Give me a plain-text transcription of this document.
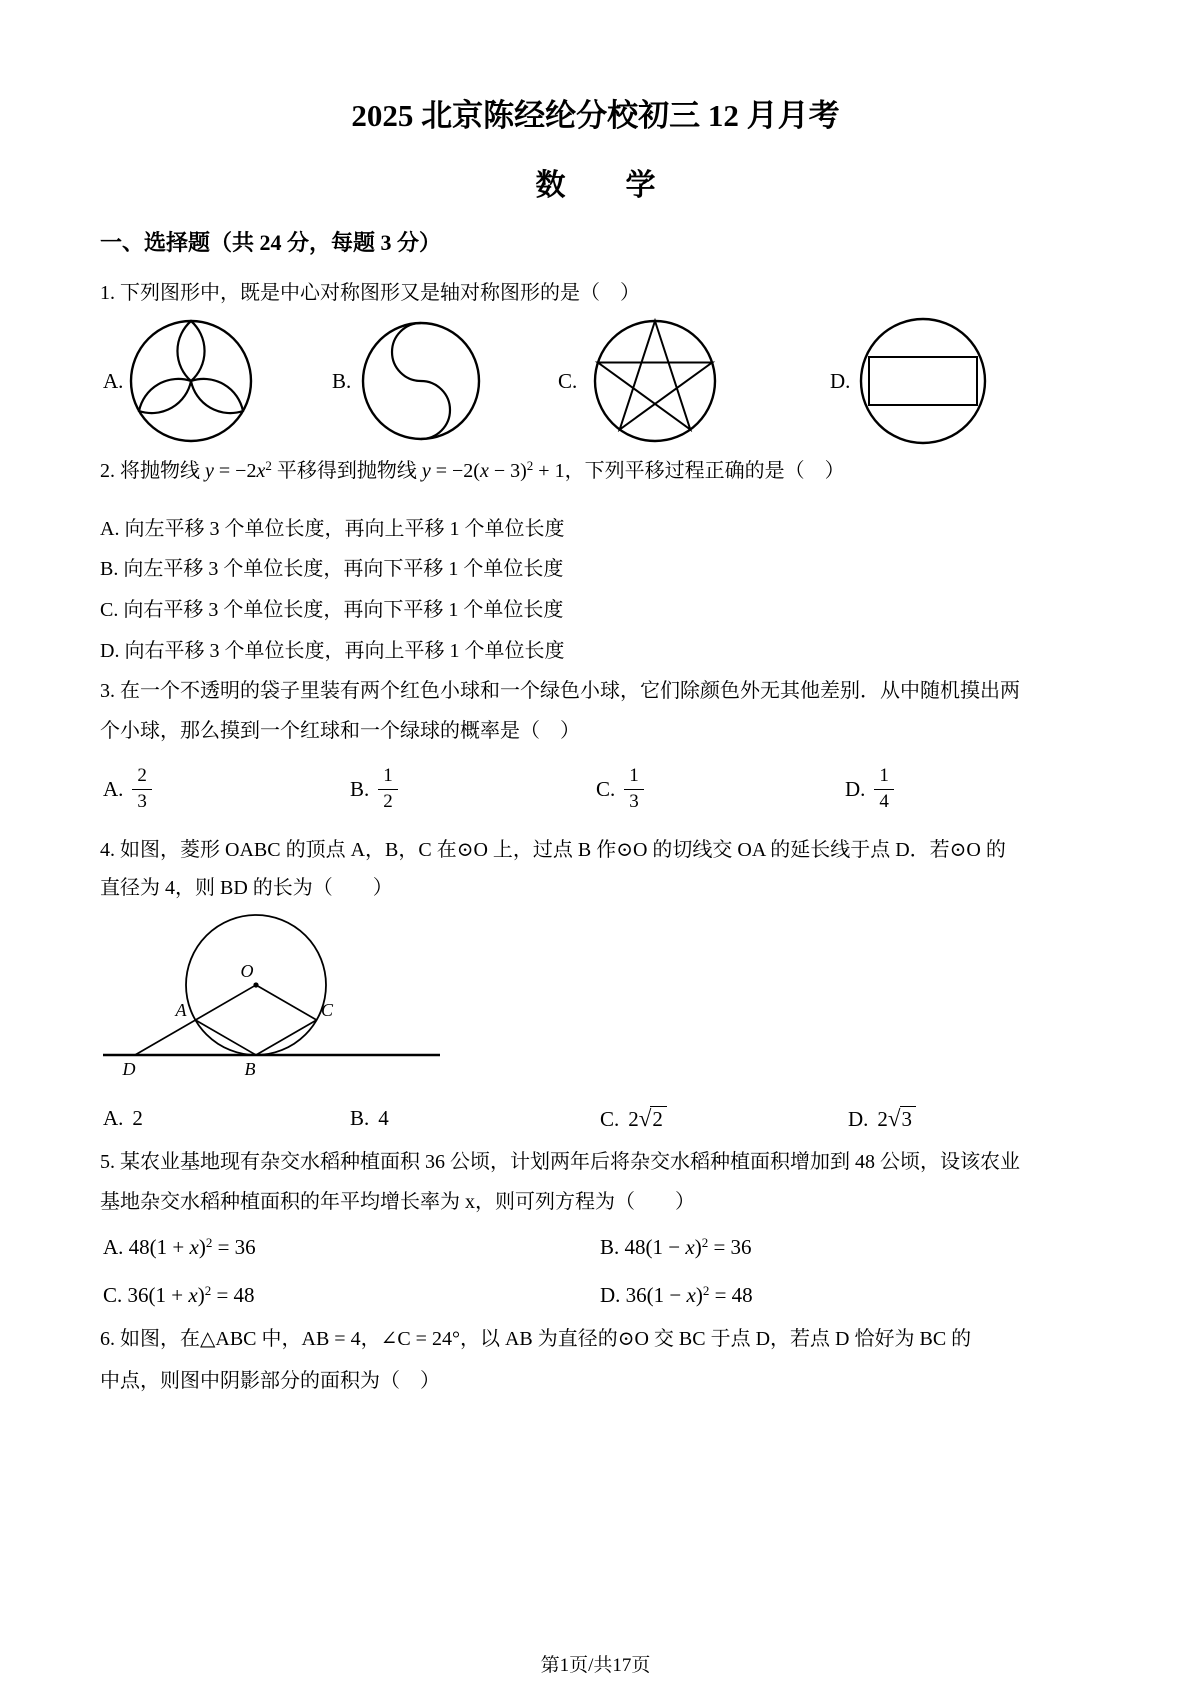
2025 北京陈经纶分校初三 12 月月考
数　　学
一、选择题（共 24 分，每题 3 分）
1. 下列图形中，既是中心对称图形又是轴对称图形的是（　）
A.	B.	C.	D.
2. 将抛物线 $y = -2x^2$ 平移得到抛物线 $y = -2(x - 3)^2 + 1$，下列平移过程正确的是（　）
A. 向左平移 3 个单位长度，再向上平移 1 个单位长度
B. 向左平移 3 个单位长度，再向下平移 1 个单位长度
C. 向右平移 3 个单位长度，再向下平移 1 个单位长度
D. 向右平移 3 个单位长度，再向上平移 1 个单位长度
3. 在一个不透明的袋子里装有两个红色小球和一个绿色小球，它们除颜色外无其他差别．从中随机摸出两
个小球，那么摸到一个红球和一个绿球的概率是（　）
A. $\frac{2}{3}$	B. $\frac{1}{2}$	C. $\frac{1}{3}$	D. $\frac{1}{4}$
4. 如图，菱形 OABC 的顶点 A，B，C 在⊙O 上，过点 B 作⊙O 的切线交 OA 的延长线于点 D．若⊙O 的
直径为 4，则 BD 的长为（　　）
O
A	C
D	B
A. 2	B. 4	C. 2 √ 2	D. 2 √ 3
5. 某农业基地现有杂交水稻种植面积 36 公顷，计划两年后将杂交水稻种植面积增加到 48 公顷，设该农业
基地杂交水稻种植面积的年平均增长率为 x，则可列方程为（　　）
A. $48(1 + x)^2 = 36$	B. $48(1 - x)^2 = 36$
C. $36(1 + x)^2 = 48$	D. $36(1 - x)^2 = 48$
6. 如图，在△ABC 中，AB = 4，∠C = 24°，以 AB 为直径的⊙O 交 BC 于点 D，若点 D 恰好为 BC 的
中点，则图中阴影部分的面积为（　）
第1页/共17页
